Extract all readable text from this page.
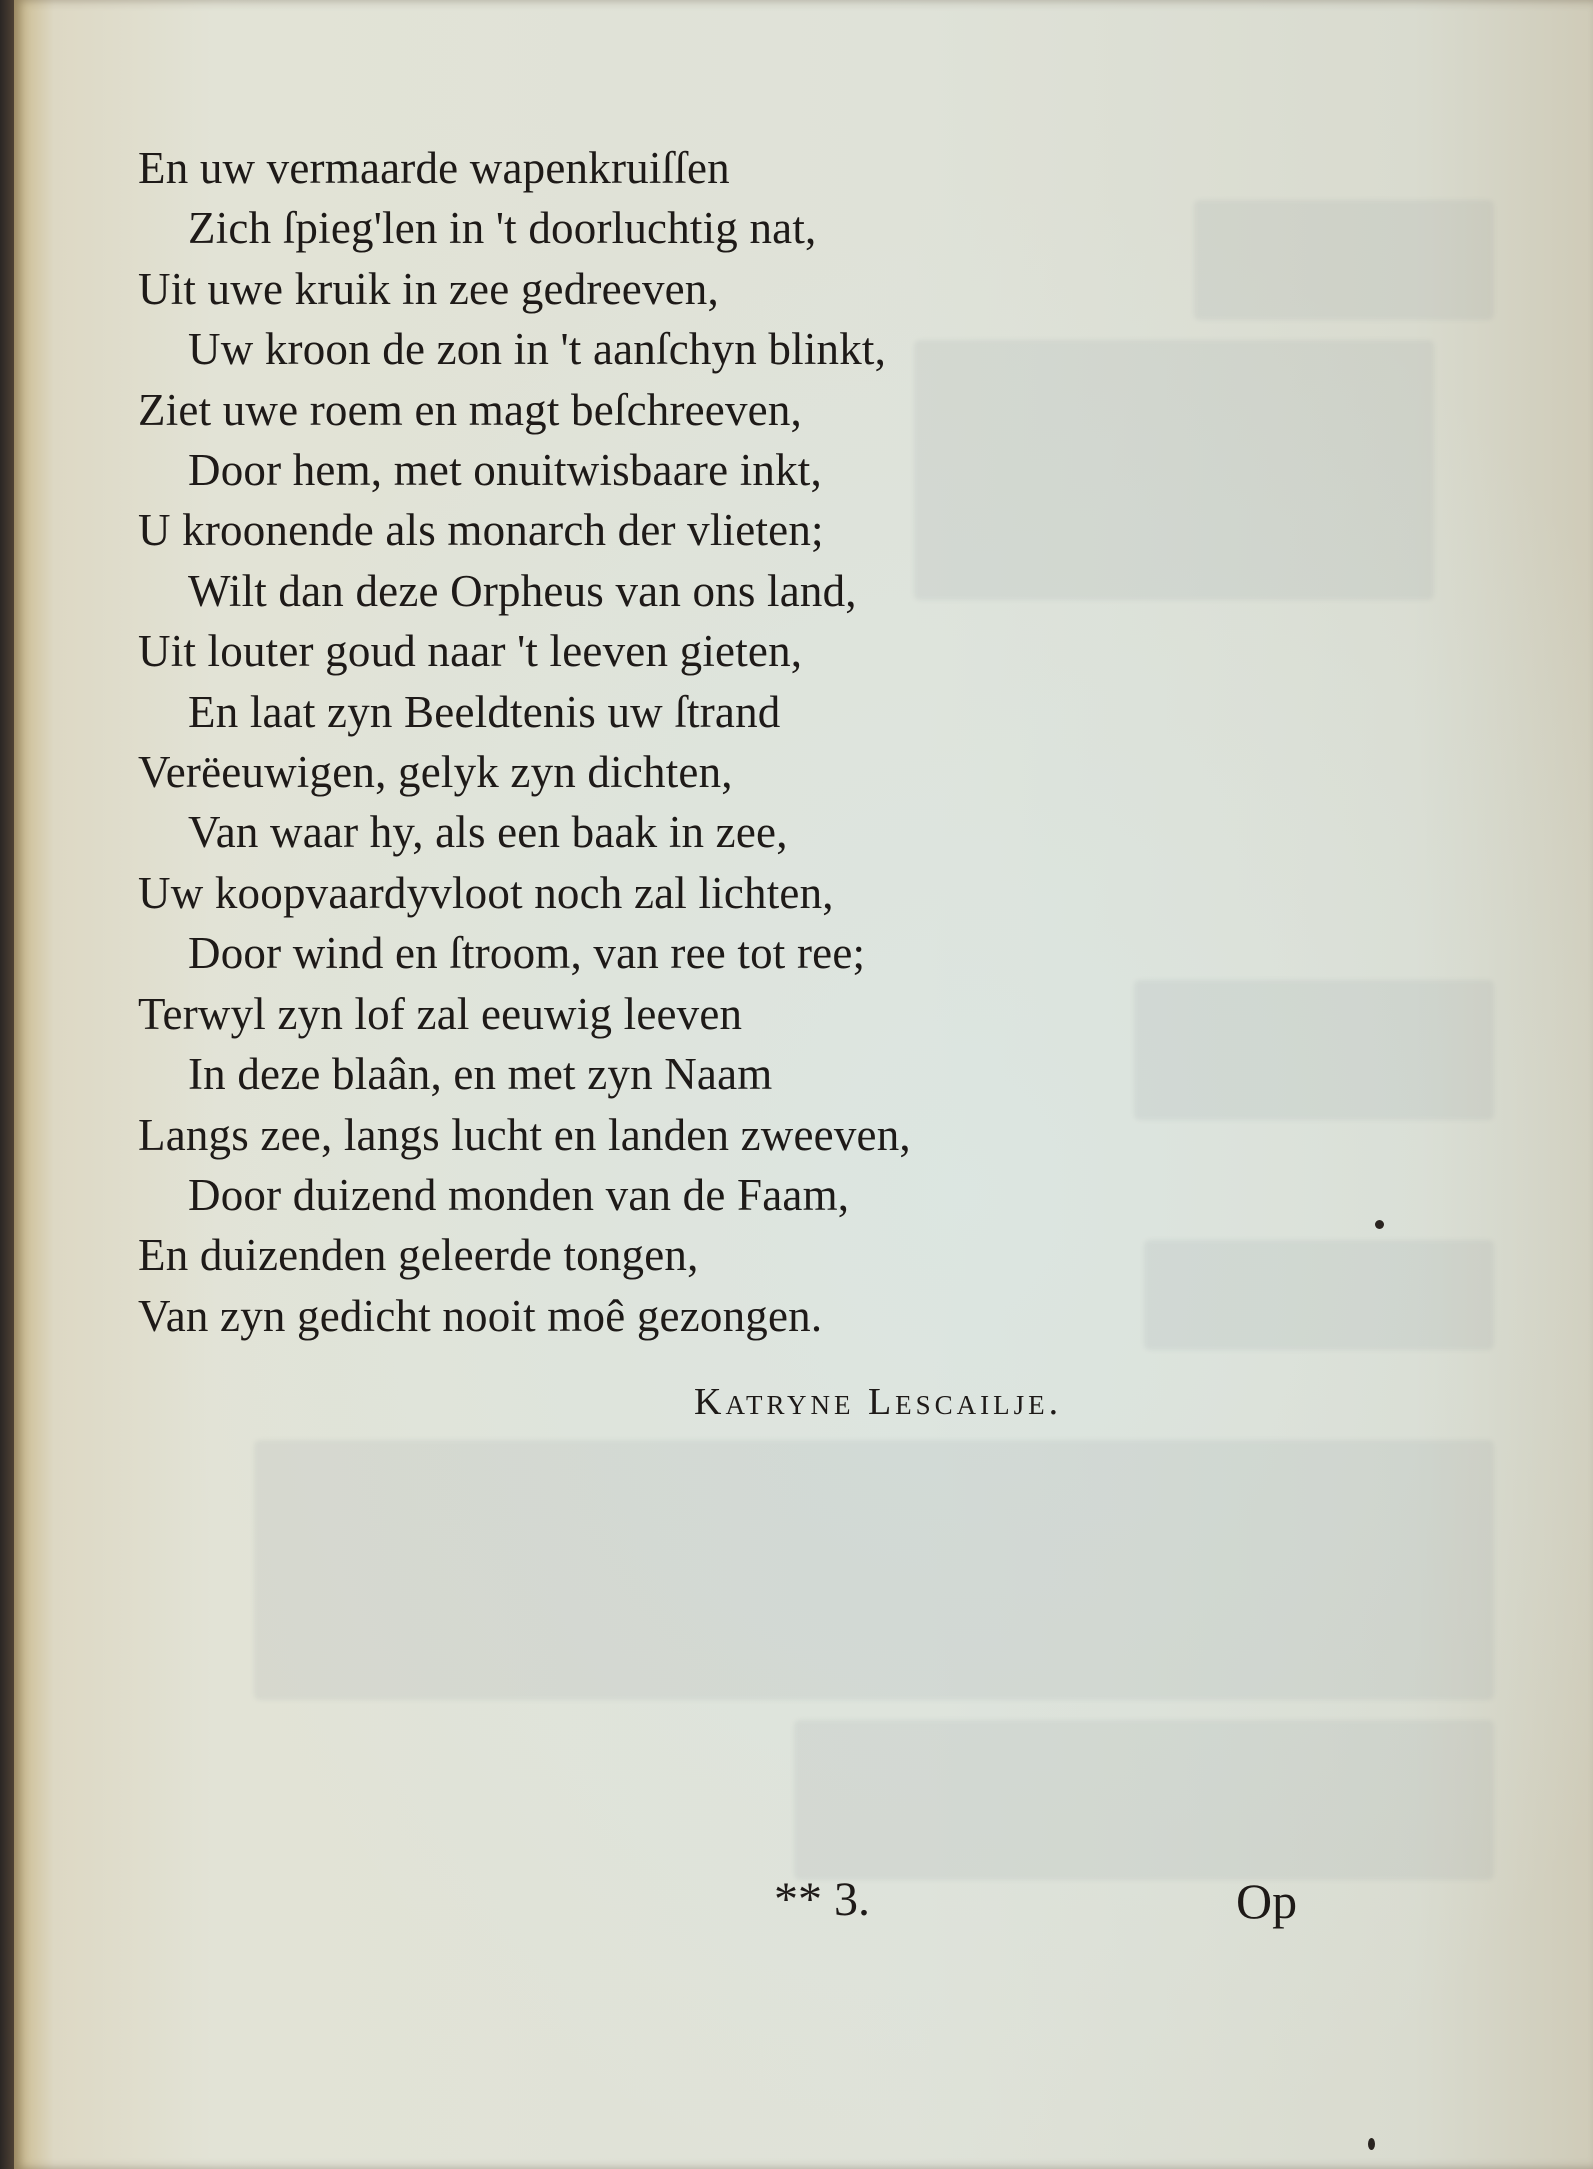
En uw vermaarde wapenkruiſſen
Zich ſpieg'len in 't doorluchtig nat,
Uit uwe kruik in zee gedreeven,
Uw kroon de zon in 't aanſchyn blinkt,
Ziet uwe roem en magt beſchreeven,
Door hem, met onuitwisbaare inkt,
U kroonende als monarch der vlieten;
Wilt dan deze Orpheus van ons land,
Uit louter goud naar 't leeven gieten,
En laat zyn Beeldtenis uw ſtrand
Verëeuwigen, gelyk zyn dichten,
Van waar hy, als een baak in zee,
Uw koopvaardyvloot noch zal lichten,
Door wind en ſtroom, van ree tot ree;
Terwyl zyn lof zal eeuwig leeven
In deze blaân, en met zyn Naam
Langs zee, langs lucht en landen zweeven,
Door duizend monden van de Faam,
En duizenden geleerde tongen,
Van zyn gedicht nooit moê gezongen.
Katryne Lescailje.
** 3.	Op
